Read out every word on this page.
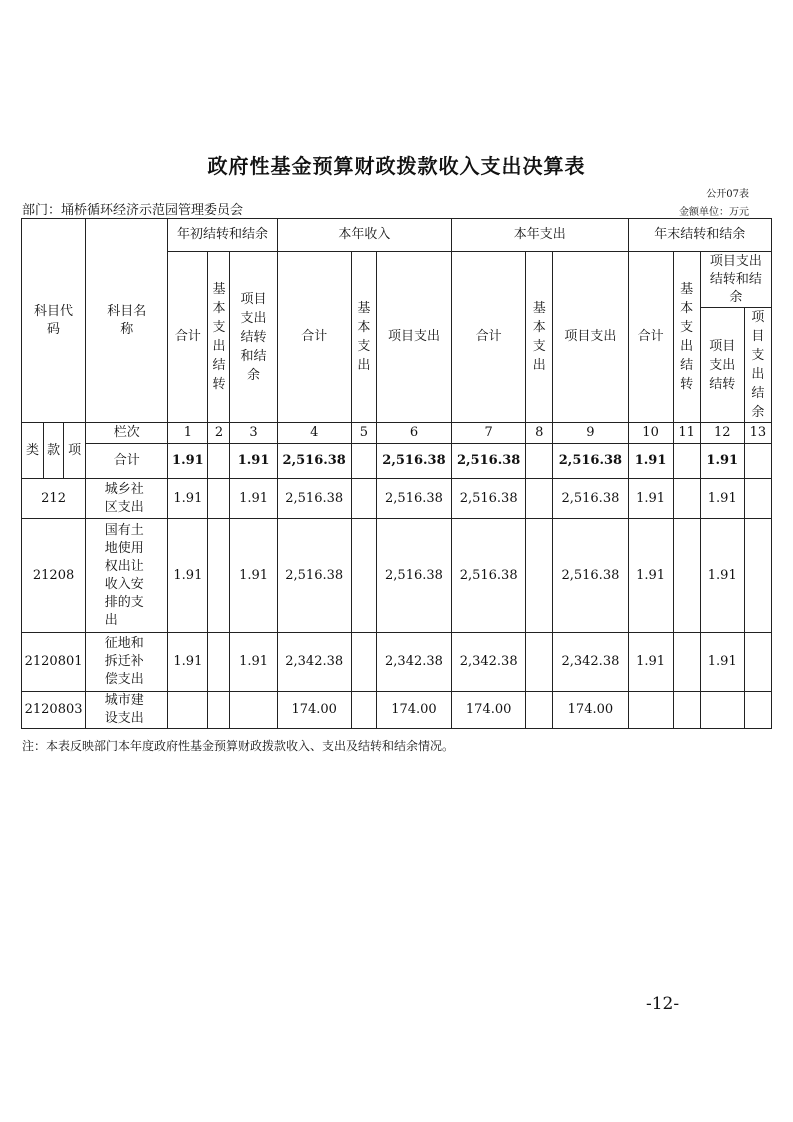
政府性基金预算财政拨款收入支出决算表
公开07表
部门：埇桥循环经济示范园管理委员会	金额单位：万元
科目代码			科目名称	年初结转和结余			本年收入			本年支出			年末结转和结余			
				合计	基本支出结转	项目支出结转和结余	合计	基本支出	项目支出	合计	基本支出	项目支出	合计	基本支出结转	项目支出结转和结余	
															项目支出结转	项目支出结余
类	款	项	栏次	1	2	3	4	5	6	7	8	9	10	11	12	13
			合计	1.91		1.91	2,516.38		2,516.38	2,516.38		2,516.38	1.91		1.91	
212			城乡社区支出	1.91		1.91	2,516.38		2,516.38	2,516.38		2,516.38	1.91		1.91	
21208			国有土地使用权出让收入安排的支出	1.91		1.91	2,516.38		2,516.38	2,516.38		2,516.38	1.91		1.91	
2120801			征地和拆迁补偿支出	1.91		1.91	2,342.38		2,342.38	2,342.38		2,342.38	1.91		1.91	
2120803			城市建设支出				174.00		174.00	174.00		174.00				
注：本表反映部门本年度政府性基金预算财政拨款收入、支出及结转和结余情况。
-12-
